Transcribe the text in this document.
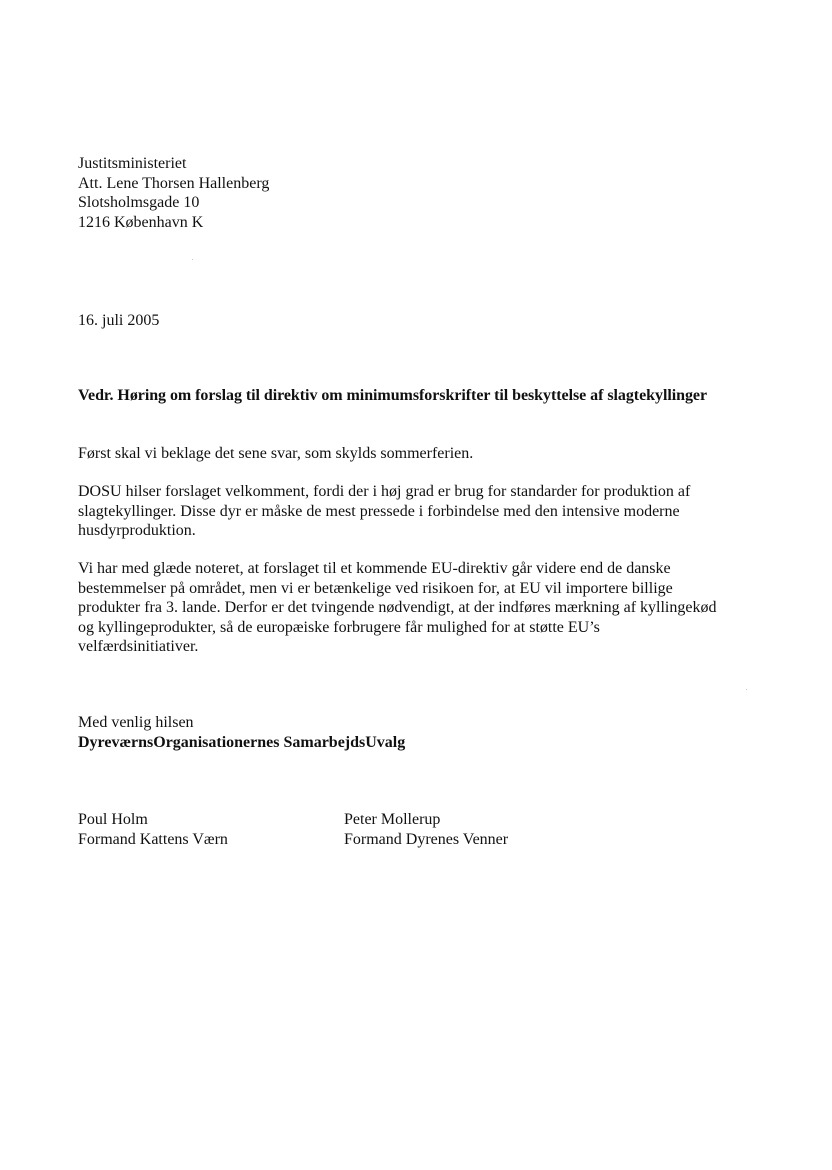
Justitsministeriet
Att. Lene Thorsen Hallenberg
Slotsholmsgade 10
1216 København K
16. juli 2005
Vedr. Høring om forslag til direktiv om minimumsforskrifter til beskyttelse af slagtekyllinger
Først skal vi beklage det sene svar, som skylds sommerferien.
DOSU hilser forslaget velkomment, fordi der i høj grad er brug for standarder for produktion af
slagtekyllinger. Disse dyr er måske de mest pressede i forbindelse med den intensive moderne
husdyrproduktion.
Vi har med glæde noteret, at forslaget til et kommende EU-direktiv går videre end de danske
bestemmelser på området, men vi er betænkelige ved risikoen for, at EU vil importere billige
produkter fra 3. lande. Derfor er det tvingende nødvendigt, at der indføres mærkning af kyllingekød
og kyllingeprodukter, så de europæiske forbrugere får mulighed for at støtte EU’s
velfærdsinitiativer.
Med venlig hilsen
DyreværnsOrganisationernes SamarbejdsUvalg
Poul Holm
Formand Kattens Værn
Peter Mollerup
Formand Dyrenes Venner
